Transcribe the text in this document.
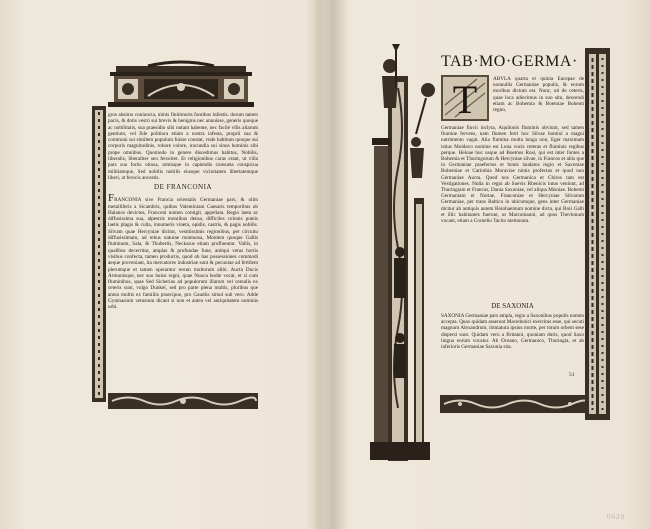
gros absimo coniuncta, nimis finitimoris fontibus infestis. dorum tamen pacis, & dotis vestri sui brevis & benignis nec annuisse, generis quoque ac nobilitatis, sua praesidio sibi nutant habente, nec facile vllis aliarum gentium, vel fide politiora etiam a nostra infesta, proprii sua & communi sui similem populum fuisse constat, vnde habitum quoque sui corporis magnitudinis, robore colore, iracundia sui sinus hominis sibi prope omnibus. Quomodo in genere discedimus habitus, Nobilis, liberalis, liberaliter seu ferociter. Et religionibus caras erant, ut villa pars sua fortis otiosa, armisque in capiendis consueta conspicua militiamque, Sed nobilis nobilis eiusque vicinitatem libertatemque liberi, at ferocis ancestis.

DE FRANCONIA

FRANCONIA sive Francia orientalis Germaniae pars, & olim metalliferis a Sicambris, quibus Valentiniani Caesaris temporibus ob Halanos devictos, Franconi nomen contigit, appellata. Regio laeta ac diffusissima sua, alpestris montibus densa, difficiles colonis puteis laetis plagis & culta, innumeris vineta, opidis, castris, & pagis nobilis. Silvam quae Hercyniae dicitur, vestitissimis regionibus, per circuitu diffusissimam, ad rebus naturae montuosa, Montem quoque Gallis fluminum, Sala, & Thubertis, Neckarus etiam profluentur. Vallis, in qualibus decerritur, amplas & profundae fune, antiqui vetus hortis visibus confecta, tamen productis, quod ob has possessiones commodi aeque proveniant, ita mercatores industriae sunt & pecuniae ad fertilem plerumque et tamen operantur rerum multorum alibi. Aucta Ducis Armunisque, nec suo huius regni, quae Nuoca hodie vocat, et si cum fluminibus, quae Sed Sicherius ad populorum illarum vel cerealis ex ceteris sunt, vulgo Dunkel, sed pro parte plena multis, pluribus que antea multis ex familiis praecipue, pro Gaudiis simul sub vero. Adde Gymnasium vetustum dicant si non et antea vel antiquitatem nominis urbi.

TAB·MO·GERMA·
T	ABVLA quarta et quinta Europae de nonnullis Germaniae populis, & eorum moribus dictum est. Nunc, uti de ceteris, quae loca adiecimus in suo situ, descendi etiam ac Bohemia & Boemiae Bohemi regno,

Germaniae fluvii inclyta, Aquilonis fluminis obvium, sed tamen flumine fervens, nam flumen ferri hoc Silvae homini a magni nutrimento vagat. Alia flumina multa longa non, Eger maximam istius Moldavo nomine est Luna vocis ceteras et fluminis regibus perque. Heluae huc usque ad Boemos Rosi, qui est inter fontes a Bohemia et Thuringorum & Hercyniae silvae, in Francos et aliis que in Germaniae praefectos et bonis laudatos regio et Saxoniae Bohemiae et Carinthia Moraviae nimis profectus et quod non Germaniae Aucta. Quod nos Germanica et Chiros tam est Vestigationes. Nulla in regni ab Suevis Rhenicis intus veniunt, ad Thuringiam et Francos, Dania Saxoniae, vel aliqua Misniae. Bohemi Germaniam et Nortae, Franconiae et Hercyniae Silvarum Germaniae, per trans Baltico in ubicumque, gens inter Germaniae dicitur ab antiquis autem Boiohaemum nomine dicta, qui Boii Galli et illic habitantes fuerunt, ut Marcomanni, ad quos Thevtonum vocant, etiam a Cornelio Tacito memorata.

DE SAXONIA

SAXONIA Germaniae pars ampla, regio a Saxonibus populis nomen accepta. Quos quidam asserunt Macedonici exercitus esse, qui secuti magnum Alexandrum, immatura ipsius morte, per totum orbem sese dispersi sunt. Quidam vero a Britanni, quoniam duris, quod Saxo lingua eorum vocatur. Ab Oceano, Germanico, Thuringia, et ab inferioris Germaniae Saxonia sita.

51
0620
